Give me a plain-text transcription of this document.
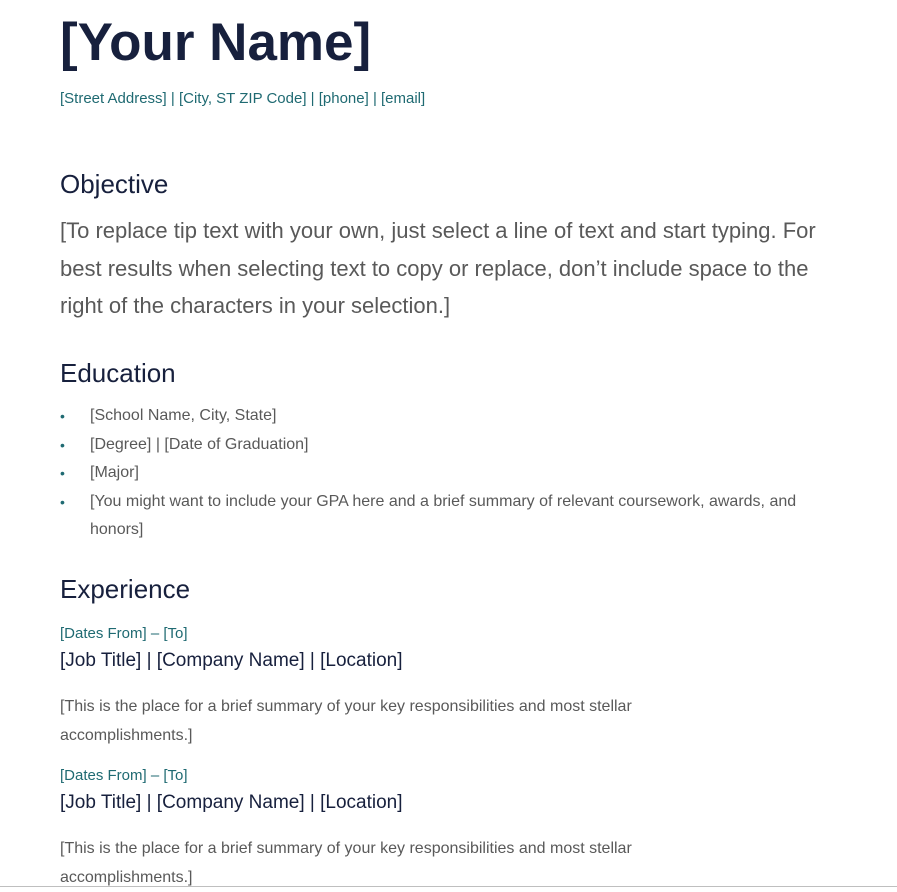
[Your Name]
[Street Address] | [City, ST ZIP Code] | [phone] | [email]
Objective

[To replace tip text with your own, just select a line of text and start typing. For best results when selecting text to copy or replace, don’t include space to the right of the characters in your selection.]

Education
•	[School Name, City, State]
•	[Degree] | [Date of Graduation]
•	[Major]
•	[You might want to include your GPA here and a brief summary of relevant coursework, awards, and honors]
Experience
[Dates From] – [To]
[Job Title] | [Company Name] | [Location]

[This is the place for a brief summary of your key responsibilities and most stellar accomplishments.]

[Dates From] – [To]
[Job Title] | [Company Name] | [Location]

[This is the place for a brief summary of your key responsibilities and most stellar accomplishments.]
